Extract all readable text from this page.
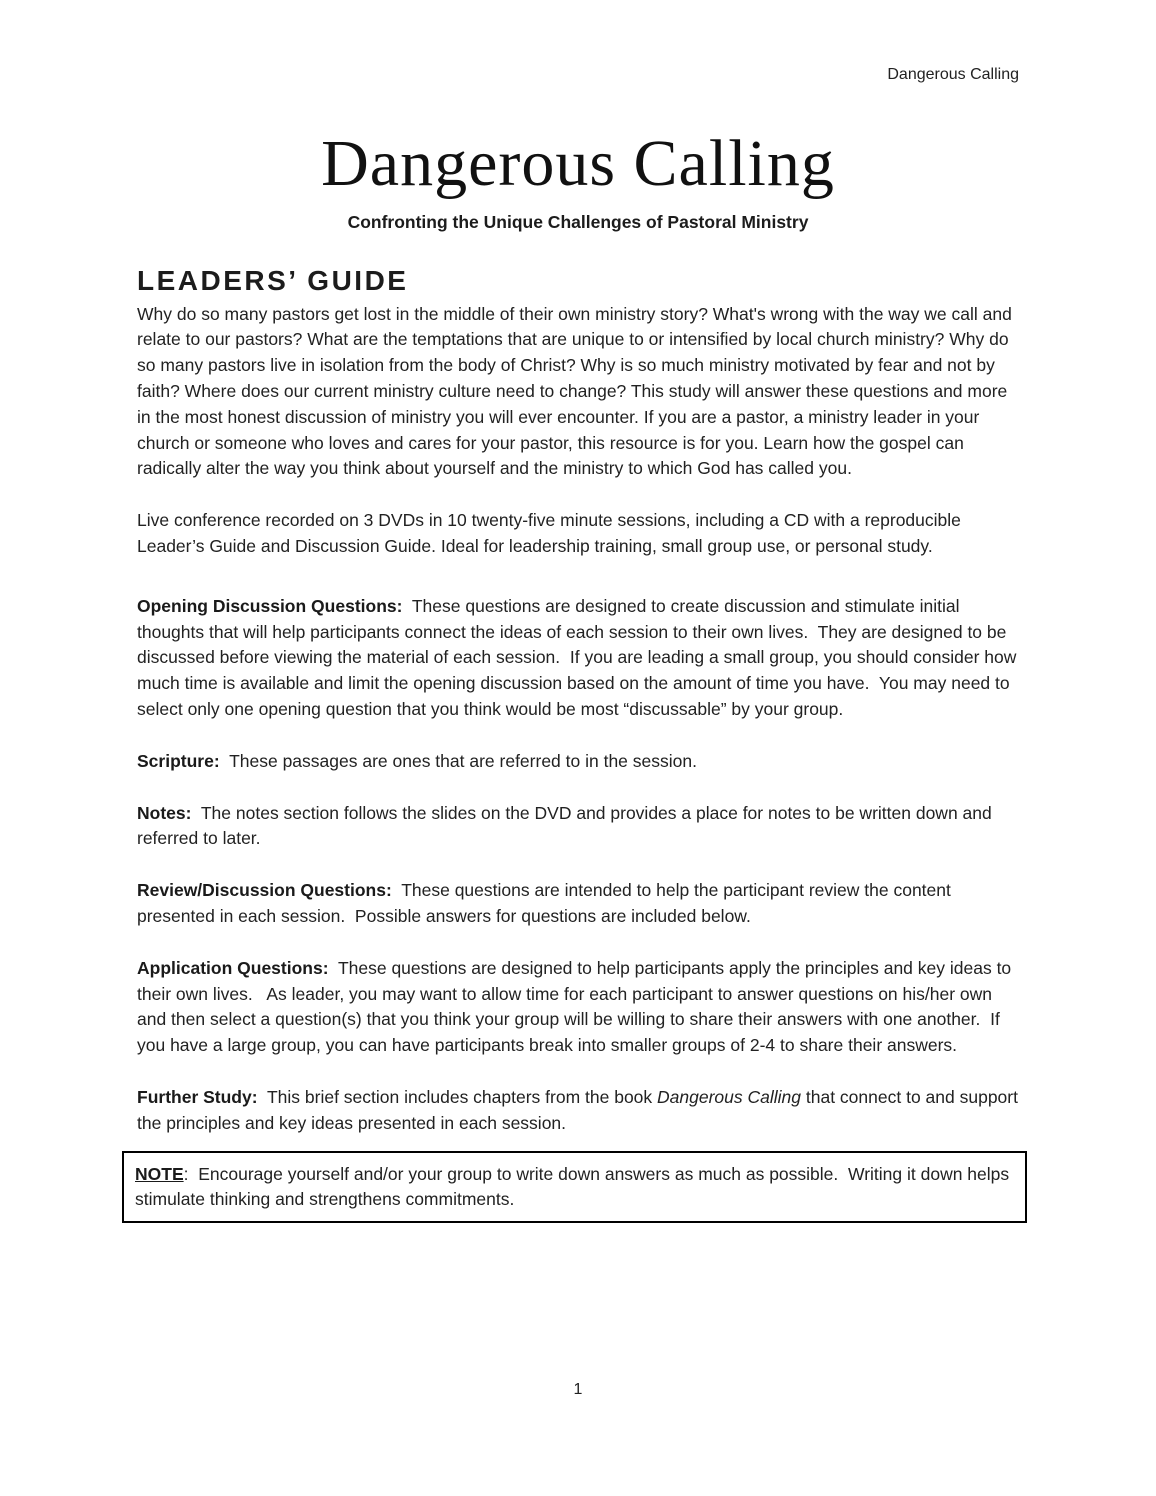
Dangerous Calling
Dangerous Calling
Confronting the Unique Challenges of Pastoral Ministry
LEADERS’ GUIDE

Why do so many pastors get lost in the middle of their own ministry story? What's wrong with the way we call and relate to our pastors? What are the temptations that are unique to or intensified by local church ministry? Why do so many pastors live in isolation from the body of Christ? Why is so much ministry motivated by fear and not by faith? Where does our current ministry culture need to change? This study will answer these questions and more in the most honest discussion of ministry you will ever encounter. If you are a pastor, a ministry leader in your church or someone who loves and cares for your pastor, this resource is for you. Learn how the gospel can radically alter the way you think about yourself and the ministry to which God has called you.

Live conference recorded on 3 DVDs in 10 twenty-five minute sessions, including a CD with a reproducible Leader’s Guide and Discussion Guide. Ideal for leadership training, small group use, or personal study.

Opening Discussion Questions:  These questions are designed to create discussion and stimulate initial thoughts that will help participants connect the ideas of each session to their own lives.  They are designed to be discussed before viewing the material of each session.  If you are leading a small group, you should consider how much time is available and limit the opening discussion based on the amount of time you have.  You may need to select only one opening question that you think would be most “discussable” by your group.

Scripture:  These passages are ones that are referred to in the session.

Notes:  The notes section follows the slides on the DVD and provides a place for notes to be written down and referred to later.

Review/Discussion Questions:  These questions are intended to help the participant review the content presented in each session.  Possible answers for questions are included below.

Application Questions:  These questions are designed to help participants apply the principles and key ideas to their own lives.   As leader, you may want to allow time for each participant to answer questions on his/her own and then select a question(s) that you think your group will be willing to share their answers with one another.  If you have a large group, you can have participants break into smaller groups of 2-4 to share their answers.

Further Study:  This brief section includes chapters from the book Dangerous Calling that connect to and support the principles and key ideas presented in each session.

NOTE:  Encourage yourself and/or your group to write down answers as much as possible.  Writing it down helps stimulate thinking and strengthens commitments.

1
